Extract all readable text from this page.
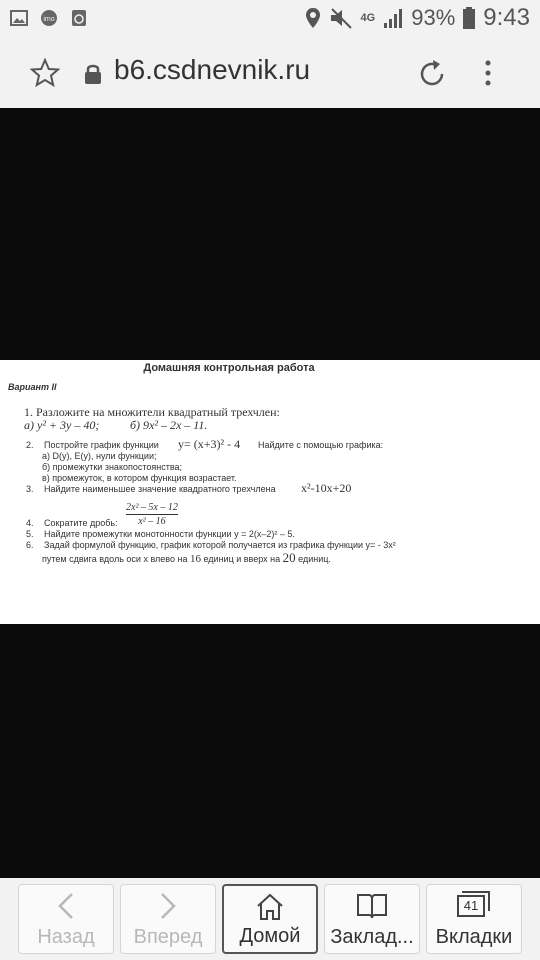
imo	4G 93% 9:43
b6.csdnevnik.ru
Домашняя контрольная работа
Вариант II
1. Разложите на множители квадратный трехчлен:
а) y² + 3y – 40;	б) 9x² – 2x – 11.
2. Постройте график функции y= (x+3)² - 4 Найдите с помощью графика:
а) D(y), E(y), нули функции;
б) промежутки знакопостоянства;
в) промежуток, в котором функция возрастает.
3. Найдите наименьшее значение квадратного трехчлена x²-10x+20
2x² – 5x – 12
x² – 16
4. Сократите дробь:
5. Найдите промежутки монотонности функции y = 2(x–2)² – 5.
6. Задай формулой функцию, график которой получается из графика функции y= - 3x²
путем сдвига вдоль оси x влево на 16 единиц и вверх на 20 единиц.
Назад	Вперед	Домой	Заклад...
41
Вкладки
